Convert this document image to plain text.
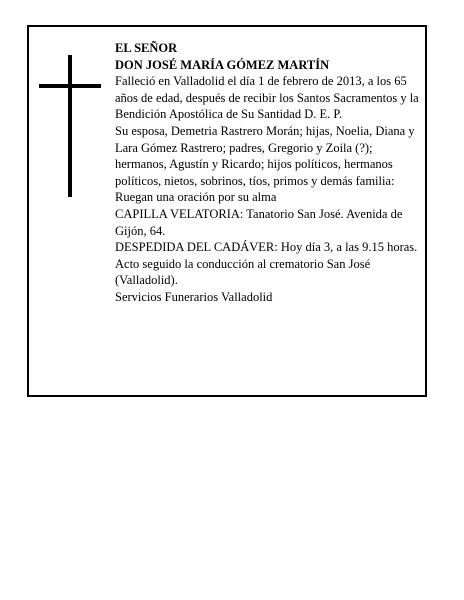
EL SEÑOR

DON JOSÉ MARÍA GÓMEZ MARTÍN

Falleció en Valladolid el día 1 de febrero de 2013, a los 65 años de edad, después de recibir los Santos Sacramentos y la Bendición Apostólica de Su Santidad D. E. P.

Su esposa, Demetria Rastrero Morán; hijas, Noelia, Diana y Lara Gómez Rastrero; padres, Gregorio y Zoila (?); hermanos, Agustín y Ricardo; hijos políticos, hermanos políticos, nietos, sobrinos, tíos, primos y demás familia:

Ruegan una oración por su alma

CAPILLA VELATORIA: Tanatorio San José. Avenida de Gijón, 64.

DESPEDIDA DEL CADÁVER: Hoy día 3, a las 9.15 horas. Acto seguido la conducción al crematorio San José (Valladolid).

Servicios Funerarios Valladolid
